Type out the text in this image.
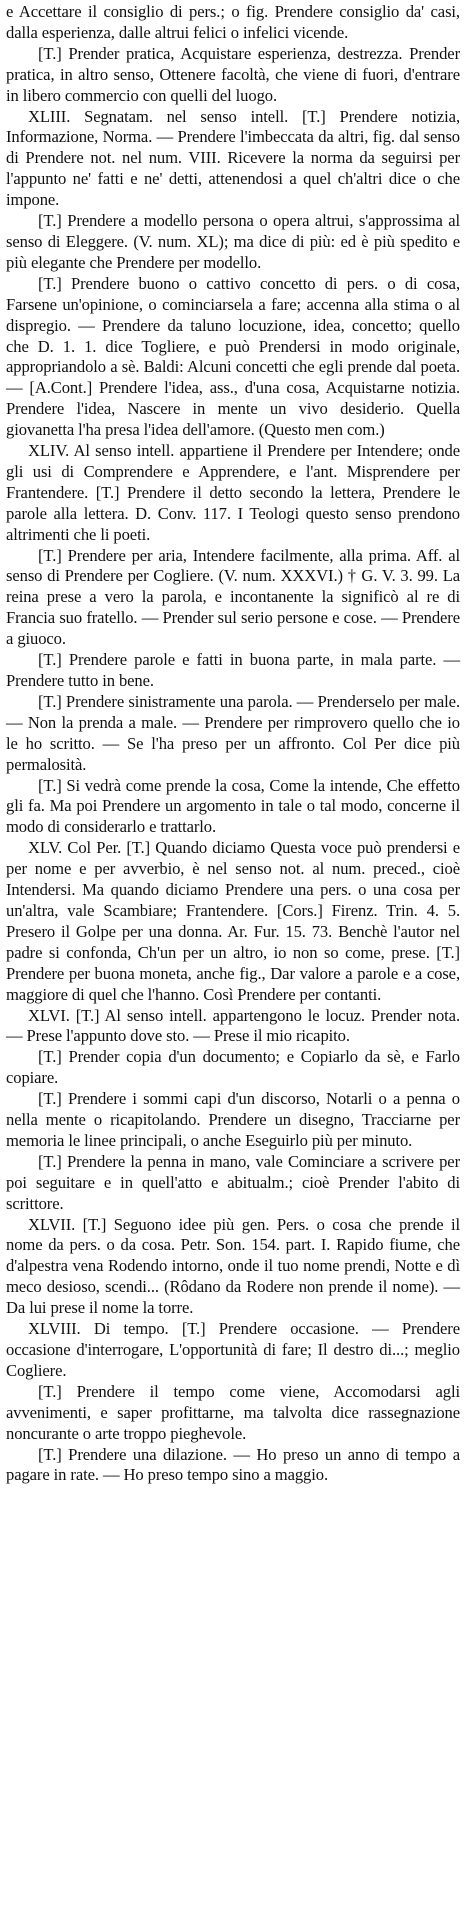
e Accettare il consiglio di pers.; o fig. Prendere consiglio da' casi, dalla esperienza, dalle altrui felici o infelici vicende.

[T.] Prender pratica, Acquistare esperienza, destrezza. Prender pratica, in altro senso, Ottenere facoltà, che viene di fuori, d'entrare in libero commercio con quelli del luogo.

XLIII. Segnatam. nel senso intell. [T.] Prendere notizia, Informazione, Norma. — Prendere l'imbeccata da altri, fig. dal senso di Prendere not. nel num. VIII. Ricevere la norma da seguirsi per l'appunto ne' fatti e ne' detti, attenendosi a quel ch'altri dice o che impone.

[T.] Prendere a modello persona o opera altrui, s'approssima al senso di Eleggere. (V. num. XL); ma dice di più: ed è più spedito e più elegante che Prendere per modello.

[T.] Prendere buono o cattivo concetto di pers. o di cosa, Farsene un'opinione, o cominciarsela a fare; accenna alla stima o al dispregio. — Prendere da taluno locuzione, idea, concetto; quello che D. 1. 1. dice Togliere, e può Prendersi in modo originale, appropriandolo a sè. Baldi: Alcuni concetti che egli prende dal poeta. — [A.Cont.] Prendere l'idea, ass., d'una cosa, Acquistarne notizia. Prendere l'idea, Nascere in mente un vivo desiderio. Quella giovanetta l'ha presa l'idea dell'amore. (Questo men com.)

XLIV. Al senso intell. appartiene il Prendere per Intendere; onde gli usi di Comprendere e Apprendere, e l'ant. Misprendere per Frantendere. [T.] Prendere il detto secondo la lettera, Prendere le parole alla lettera. D. Conv. 117. I Teologi questo senso prendono altrimenti che li poeti.

[T.] Prendere per aria, Intendere facilmente, alla prima. Aff. al senso di Prendere per Cogliere. (V. num. XXXVI.) † G. V. 3. 99. La reina prese a vero la parola, e incontanente la significò al re di Francia suo fratello. — Prender sul serio persone e cose. — Prendere a giuoco.

[T.] Prendere parole e fatti in buona parte, in mala parte. — Prendere tutto in bene.

[T.] Prendere sinistramente una parola. — Prenderselo per male. — Non la prenda a male. — Prendere per rimprovero quello che io le ho scritto. — Se l'ha preso per un affronto. Col Per dice più permalosità.

[T.] Si vedrà come prende la cosa, Come la intende, Che effetto gli fa. Ma poi Prendere un argomento in tale o tal modo, concerne il modo di considerarlo e trattarlo.

XLV. Col Per. [T.] Quando diciamo Questa voce può prendersi e per nome e per avverbio, è nel senso not. al num. preced., cioè Intendersi. Ma quando diciamo Prendere una pers. o una cosa per un'altra, vale Scambiare; Frantendere. [Cors.] Firenz. Trin. 4. 5. Presero il Golpe per una donna. Ar. Fur. 15. 73. Benchè l'autor nel padre si confonda, Ch'un per un altro, io non so come, prese. [T.] Prendere per buona moneta, anche fig., Dar valore a parole e a cose, maggiore di quel che l'hanno. Così Prendere per contanti.

XLVI. [T.] Al senso intell. appartengono le locuz. Prender nota. — Prese l'appunto dove sto. — Prese il mio ricapito.

[T.] Prender copia d'un documento; e Copiarlo da sè, e Farlo copiare.

[T.] Prendere i sommi capi d'un discorso, Notarli o a penna o nella mente o ricapitolando. Prendere un disegno, Tracciarne per memoria le linee principali, o anche Eseguirlo più per minuto.

[T.] Prendere la penna in mano, vale Cominciare a scrivere per poi seguitare e in quell'atto e abitualm.; cioè Prender l'abito di scrittore.

XLVII. [T.] Seguono idee più gen. Pers. o cosa che prende il nome da pers. o da cosa. Petr. Son. 154. part. I. Rapido fiume, che d'alpestra vena Rodendo intorno, onde il tuo nome prendi, Notte e dì meco desioso, scendi... (Rôdano da Rodere non prende il nome). — Da lui prese il nome la torre.

XLVIII. Di tempo. [T.] Prendere occasione. — Prendere occasione d'interrogare, L'opportunità di fare; Il destro di...; meglio Cogliere.

[T.] Prendere il tempo come viene, Accomodarsi agli avvenimenti, e saper profittarne, ma talvolta dice rassegnazione noncurante o arte troppo pieghevole.

[T.] Prendere una dilazione. — Ho preso un anno di tempo a pagare in rate. — Ho preso tempo sino a maggio.
